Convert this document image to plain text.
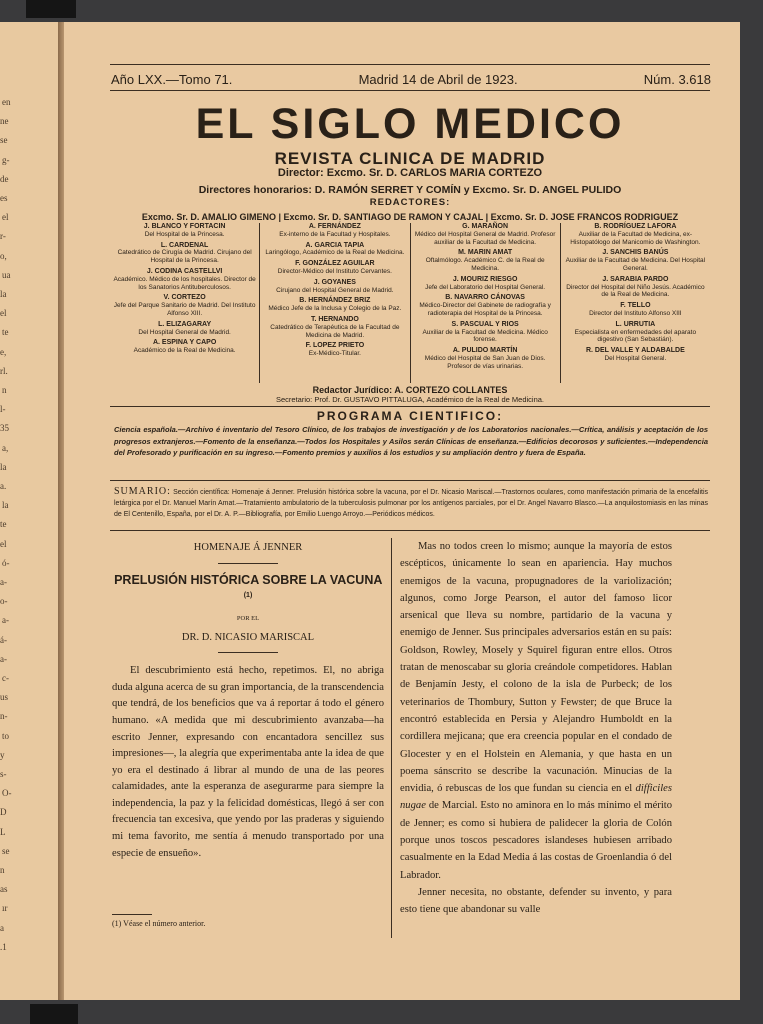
en
ne
se
g-
de
es
el
r-
o,
ua
la
el
te
e,
rl.
n
l-
35
a,
la
a.
la
te
el
ó-
a-
o-
a-
á-
a-
c-
us
n-
to
y
s-
O-
D
L
se
n
as
ır
a
.1
Año LXX.—Tomo 71.	Madrid 14 de Abril de 1923.	Núm. 3.618
EL SIGLO MEDICO
REVISTA CLINICA DE MADRID
Director: Excmo. Sr. D. CARLOS MARIA CORTEZO
Directores honorarios: D. RAMÓN SERRET Y COMÍN y Excmo. Sr. D. ANGEL PULIDO
REDACTORES:
Excmo. Sr. D. AMALIO GIMENO | Excmo. Sr. D. SANTIAGO DE RAMON Y CAJAL | Excmo. Sr. D. JOSE FRANCOS RODRIGUEZ
J. BLANCO Y FORTACIN
Del Hospital de la Princesa.
L. CARDENAL
Catedrático de Cirugía de Madrid. Cirujano del Hospital de la Princesa.
J. CODINA CASTELLVI
Académico. Médico de los hospitales. Director de los Sanatorios Antituberculosos.
V. CORTEZO
Jefe del Parque Sanitario de Madrid. Del Instituto Alfonso XIII.
L. ELIZAGARAY
Del Hospital General de Madrid.
A. ESPINA Y CAPO
Académico de la Real de Medicina.
A. FERNÁNDEZ
Ex-interno de la Facultad y Hospitales.
A. GARCIA TAPIA
Laringólogo, Académico de la Real de Medicina.
F. GONZÁLEZ AGUILAR
Director-Médico del Instituto Cervantes.
J. GOYANES
Cirujano del Hospital General de Madrid.
B. HERNÁNDEZ BRIZ
Médico Jefe de la Inclusa y Colegio de la Paz.
T. HERNANDO
Catedrático de Terapéutica de la Facultad de Medicina de Madrid.
F. LOPEZ PRIETO
Ex-Médico-Titular.
G. MARAÑON
Médico del Hospital General de Madrid. Profesor auxiliar de la Facultad de Medicina.
M. MARIN AMAT
Oftalmólogo. Académico C. de la Real de Medicina.
J. MOURIZ RIESGO
Jefe del Laboratorio del Hospital General.
B. NAVARRO CÁNOVAS
Médico-Director del Gabinete de radiografía y radioterapia del Hospital de la Princesa.
S. PASCUAL Y RIOS
Auxiliar de la Facultad de Medicina. Médico forense.
A. PULIDO MARTÍN
Médico del Hospital de San Juan de Dios. Profesor de vías urinarias.
B. RODRÍGUEZ LAFORA
Auxiliar de la Facultad de Medicina, ex-Histopatólogo del Manicomio de Washington.
J. SANCHIS BANÚS
Auxiliar de la Facultad de Medicina. Del Hospital General.
J. SARABIA PARDO
Director del Hospital del Niño Jesús. Académico de la Real de Medicina.
F. TELLO
Director del Instituto Alfonso XIII
L. URRUTIA
Especialista en enfermedades del aparato digestivo (San Sebastián).
R. DEL VALLE Y ALDABALDE
Del Hospital General.
Redactor Jurídico: A. CORTEZO COLLANTES
Secretario: Prof. Dr. GUSTAVO PITTALUGA, Académico de la Real de Medicina.
PROGRAMA CIENTIFICO:
Ciencia española.—Archivo é inventario del Tesoro Clínico, de los trabajos de investigación y de los Laboratorios nacionales.—Crítica, análisis y aceptación de los progresos extranjeros.—Fomento de la enseñanza.—Todos los Hospitales y Asilos serán Clínicas de enseñanza.—Edificios decorosos y suficientes.—Independencia del Profesorado y purificación en su ingreso.—Fomento premios y auxilios á los estudios y su ampliación dentro y fuera de España.
SUMARIO: Sección científica: Homenaje á Jenner. Prelusión histórica sobre la vacuna, por el Dr. Nicasio Mariscal.—Trastornos oculares, como manifestación primaria de la encefalitis letárgica por el Dr. Manuel Marín Amat.—Tratamiento ambulatorio de la tuberculosis pulmonar por los antígenos parciales, por el Dr. Angel Navarro Blasco.—La anquilostomiasis en las minas de El Centenillo, España, por el Dr. A. P.—Bibliografía, por Emilio Luengo Arroyo.—Periódicos médicos.
HOMENAJE Á JENNER
PRELUSIÓN HISTÓRICA SOBRE LA VACUNA $^{(1)}$
POR EL
DR. D. NICASIO MARISCAL

El descubrimiento está hecho, repetimos. El, no abriga duda alguna acerca de su gran importancia, de la transcendencia que tendrá, de los beneficios que va á reportar á todo el género humano. «A medida que mi descubrimiento avanzaba—ha escrito Jenner, expresando con encantadora sencillez sus impresiones—, la alegría que experimentaba ante la idea de que yo era el destinado á librar al mundo de una de las peores calamidades, ante la esperanza de asegurarme para siempre la independencia, la paz y la felicidad domésticas, llegó á ser con frecuencia tan excesiva, que yendo por las praderas y siguiendo mi tema favorito, me sentía á menudo transportado por una especie de ensueño».

Mas no todos creen lo mismo; aunque la mayoría de estos escépticos, únicamente lo sean en apariencia. Hay muchos enemigos de la vacuna, propugnadores de la variolización; algunos, como Jorge Pearson, el autor del famoso licor arsenical que lleva su nombre, partidario de la vacuna y enemigo de Jenner. Sus principales adversarios están en su país: Goldson, Rowley, Mosely y Squirel figuran entre ellos. Otros tratan de menoscabar su gloria creándole competidores. Hablan de Benjamín Jesty, el colono de la isla de Purbeck; de los veterinarios de Thombury, Sutton y Fewster; de que Bruce la encontró establecida en Persia y Alejandro Humboldt en la cordillera mejicana; que era creencia popular en el condado de Glocester y en el Holstein en Alemania, y que hasta en un poema sánscrito se describe la vacunación. Minucias de la envidia, ó rebuscas de los que fundan su ciencia en el difficiles nugae de Marcial. Esto no aminora en lo más mínimo el mérito de Jenner; es como si hubiera de palidecer la gloria de Colón porque unos toscos pescadores islandeses hubiesen arribado casualmente en la Edad Media á las costas de Groenlandia ó del Labrador.

Jenner necesita, no obstante, defender su invento, y para esto tiene que abandonar su valle

(1) Véase el número anterior.
